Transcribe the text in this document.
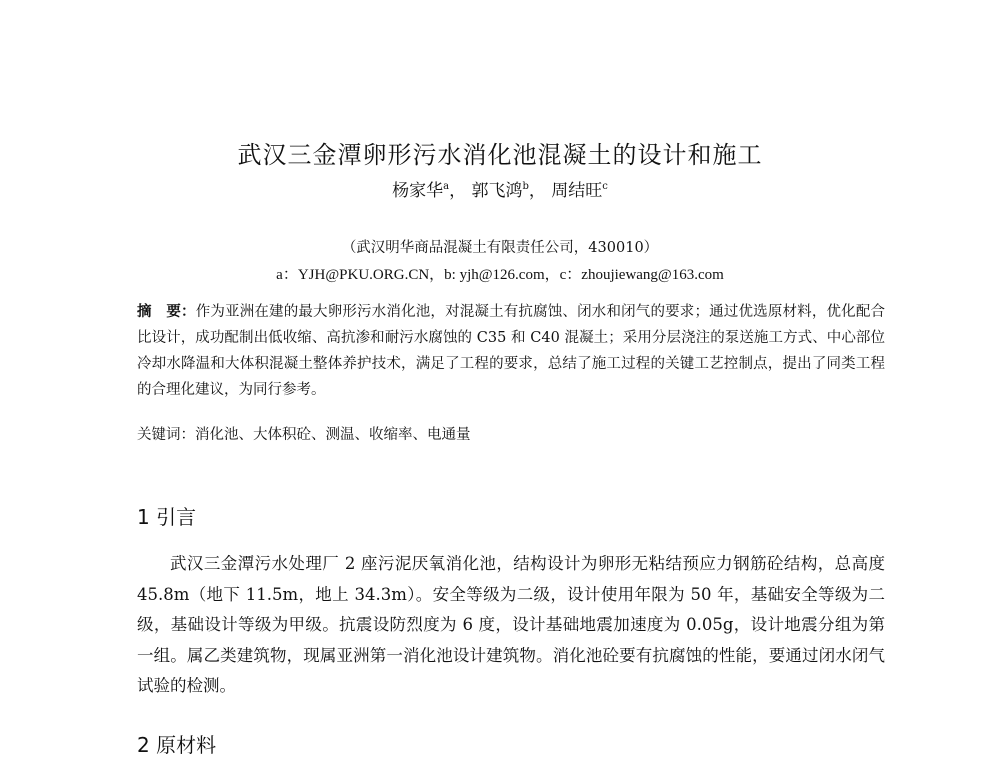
武汉三金潭卵形污水消化池混凝土的设计和施工
杨家华$^a$， 郭飞鸿$^b$， 周结旺$^c$
（武汉明华商品混凝土有限责任公司，430010）
a：YJH@PKU.ORG.CN，b: yjh@126.com，c：zhoujiewang@163.com
摘　要：作为亚洲在建的最大卵形污水消化池，对混凝土有抗腐蚀、闭水和闭气的要求；通过优选原材料，优化配合比设计，成功配制出低收缩、高抗渗和耐污水腐蚀的 C35 和 C40 混凝土；采用分层浇注的泵送施工方式、中心部位冷却水降温和大体积混凝土整体养护技术，满足了工程的要求，总结了施工过程的关键工艺控制点，提出了同类工程的合理化建议，为同行参考。
关键词：消化池、大体积砼、测温、收缩率、电通量
1 引言
武汉三金潭污水处理厂 2 座污泥厌氧消化池，结构设计为卵形无粘结预应力钢筋砼结构，总高度 45.8m（地下 11.5m，地上 34.3m）。安全等级为二级，设计使用年限为 50 年，基础安全等级为二级，基础设计等级为甲级。抗震设防烈度为 6 度，设计基础地震加速度为 0.05g，设计地震分组为第一组。属乙类建筑物，现属亚洲第一消化池设计建筑物。消化池砼要有抗腐蚀的性能，要通过闭水闭气试验的检测。
2 原材料
